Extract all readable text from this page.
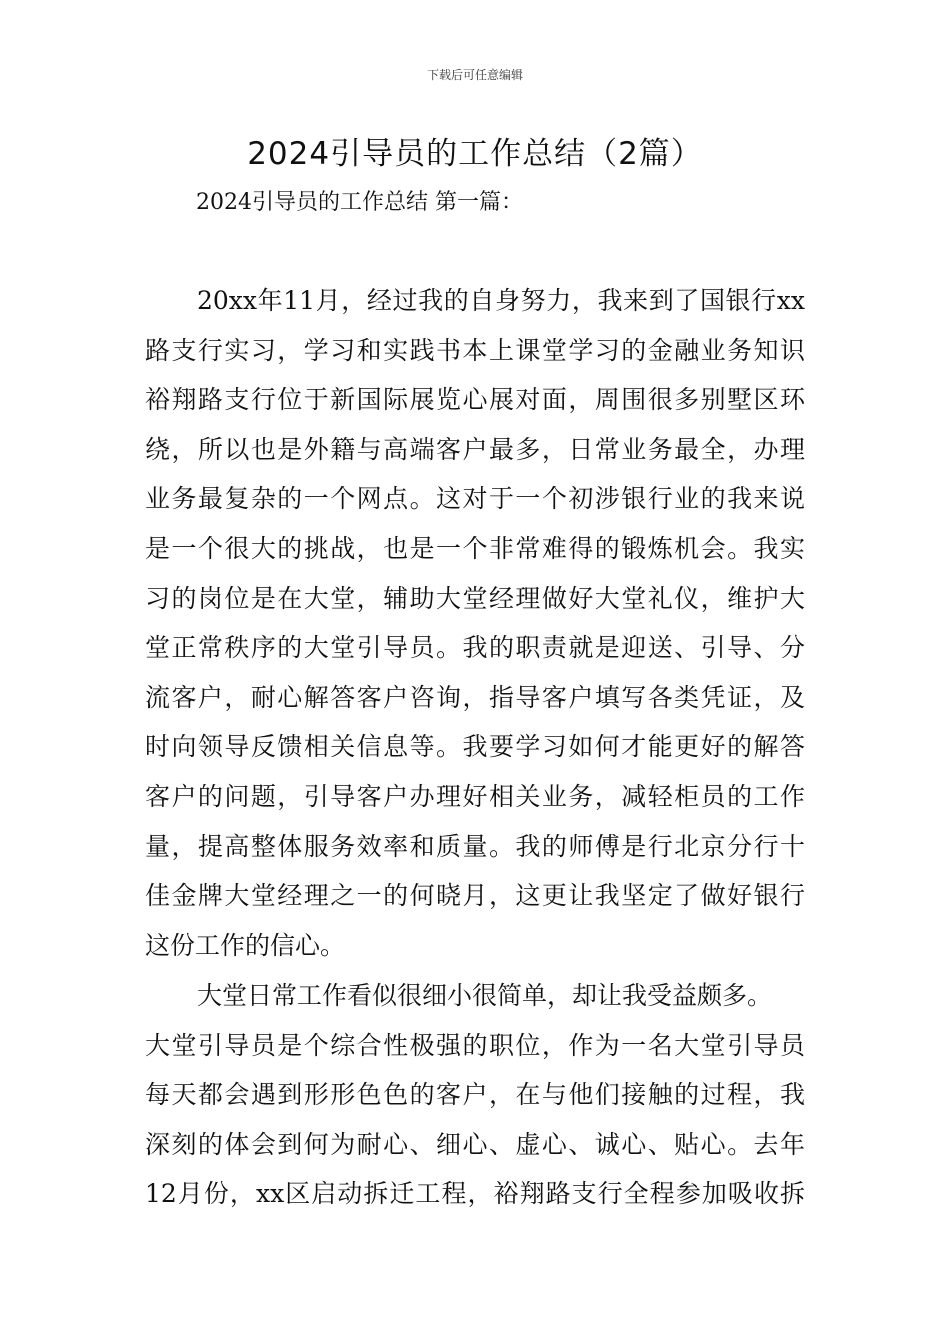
下载后可任意编辑
2024引导员的工作总结（2篇）
2024引导员的工作总结 第一篇：
20xx年11月，经过我的自身努力，我来到了国银行xx
路支行实习，学习和实践书本上课堂学习的金融业务知识
裕翔路支行位于新国际展览心展对面，周围很多别墅区环
绕，所以也是外籍与高端客户最多，日常业务最全，办理
业务最复杂的一个网点。这对于一个初涉银行业的我来说
是一个很大的挑战，也是一个非常难得的锻炼机会。我实
习的岗位是在大堂，辅助大堂经理做好大堂礼仪，维护大
堂正常秩序的大堂引导员。我的职责就是迎送、引导、分
流客户，耐心解答客户咨询，指导客户填写各类凭证，及
时向领导反馈相关信息等。我要学习如何才能更好的解答
客户的问题，引导客户办理好相关业务，减轻柜员的工作
量，提高整体服务效率和质量。我的师傅是行北京分行十
佳金牌大堂经理之一的何晓月，这更让我坚定了做好银行
这份工作的信心。
大堂日常工作看似很细小很简单，却让我受益颇多。
大堂引导员是个综合性极强的职位，作为一名大堂引导员
每天都会遇到形形色色的客户，在与他们接触的过程，我
深刻的体会到何为耐心、细心、虚心、诚心、贴心。去年
12月份，xx区启动拆迁工程，裕翔路支行全程参加吸收拆
